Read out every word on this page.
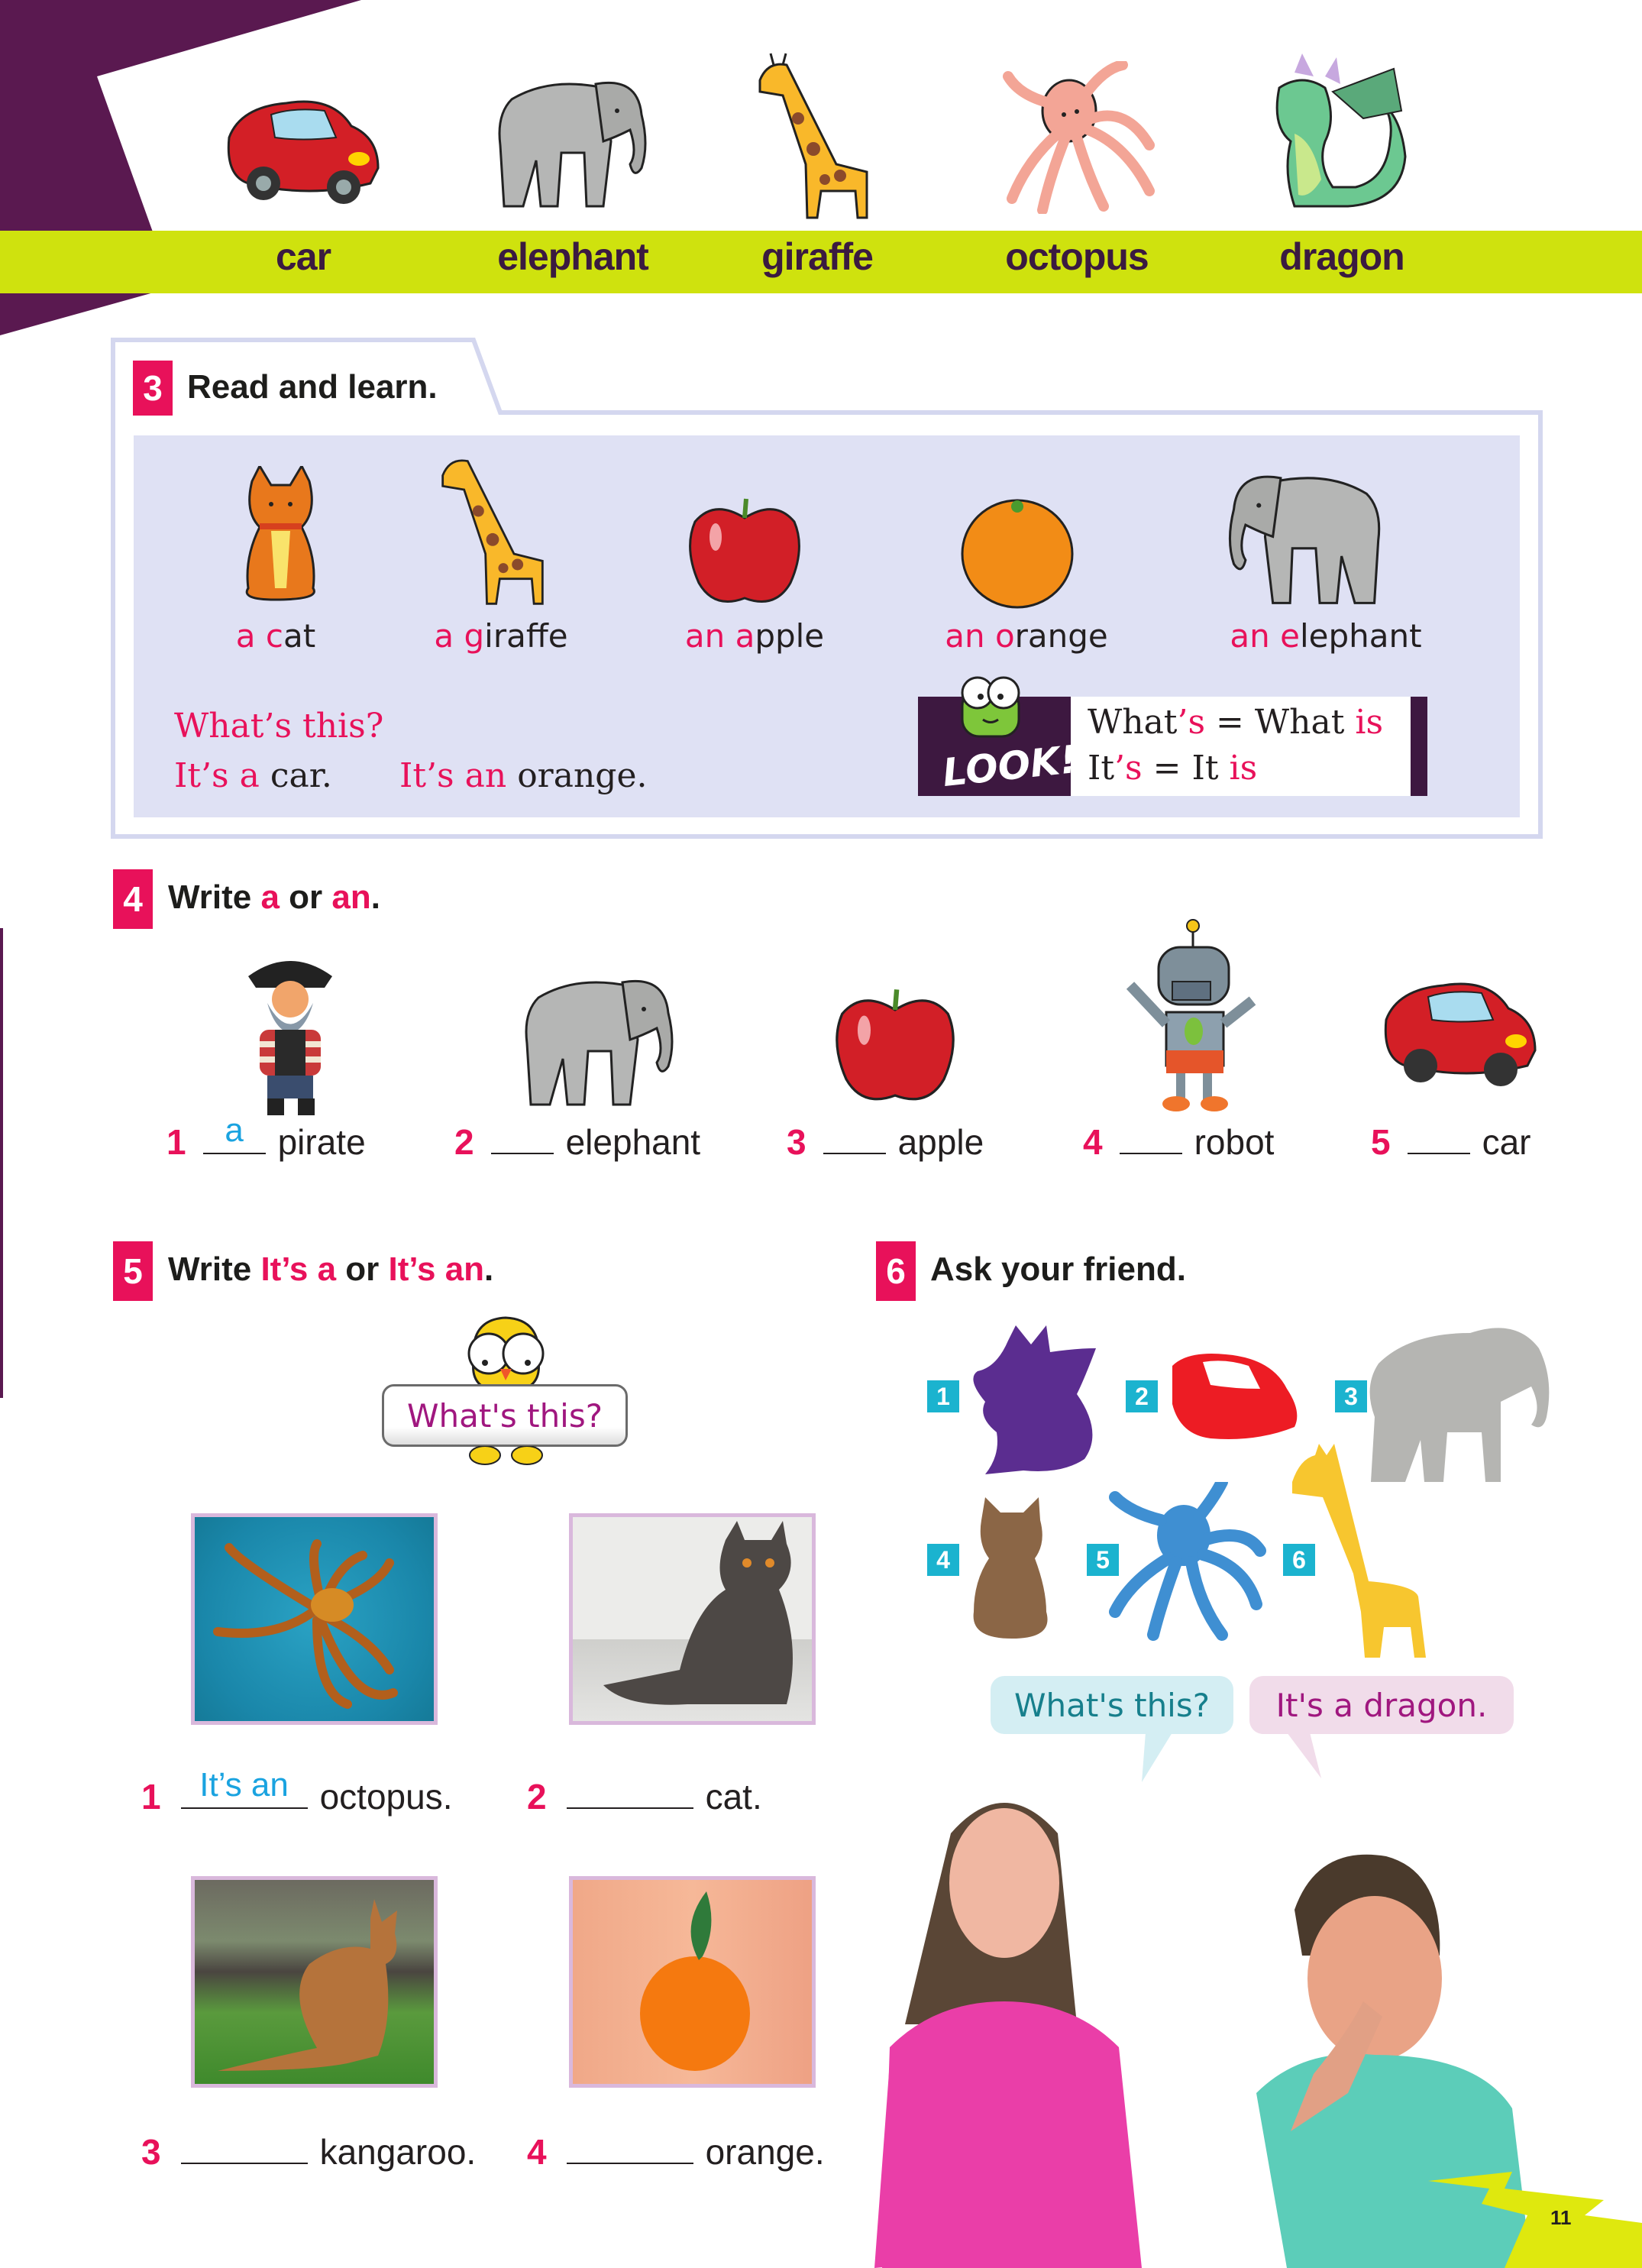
car	elephant	giraffe	octopus	dragon
3 Read and learn.
a cat	a giraffe	an apple	an orange	an elephant
What’s this?
It’s a car. It’s an orange.	LOOK!
What’s = What is
It’s = It is
4 Write a or an.
1	a pirate	2	elephant 3	apple	4	robot	5	car
5 Write It’s a or It’s an.
What's this?
1	It’s an octopus. 2	cat.
3	kangaroo. 4	orange.
6 Ask your friend.
1	2	3
4	5	6
What's this?	It's a dragon.
11
